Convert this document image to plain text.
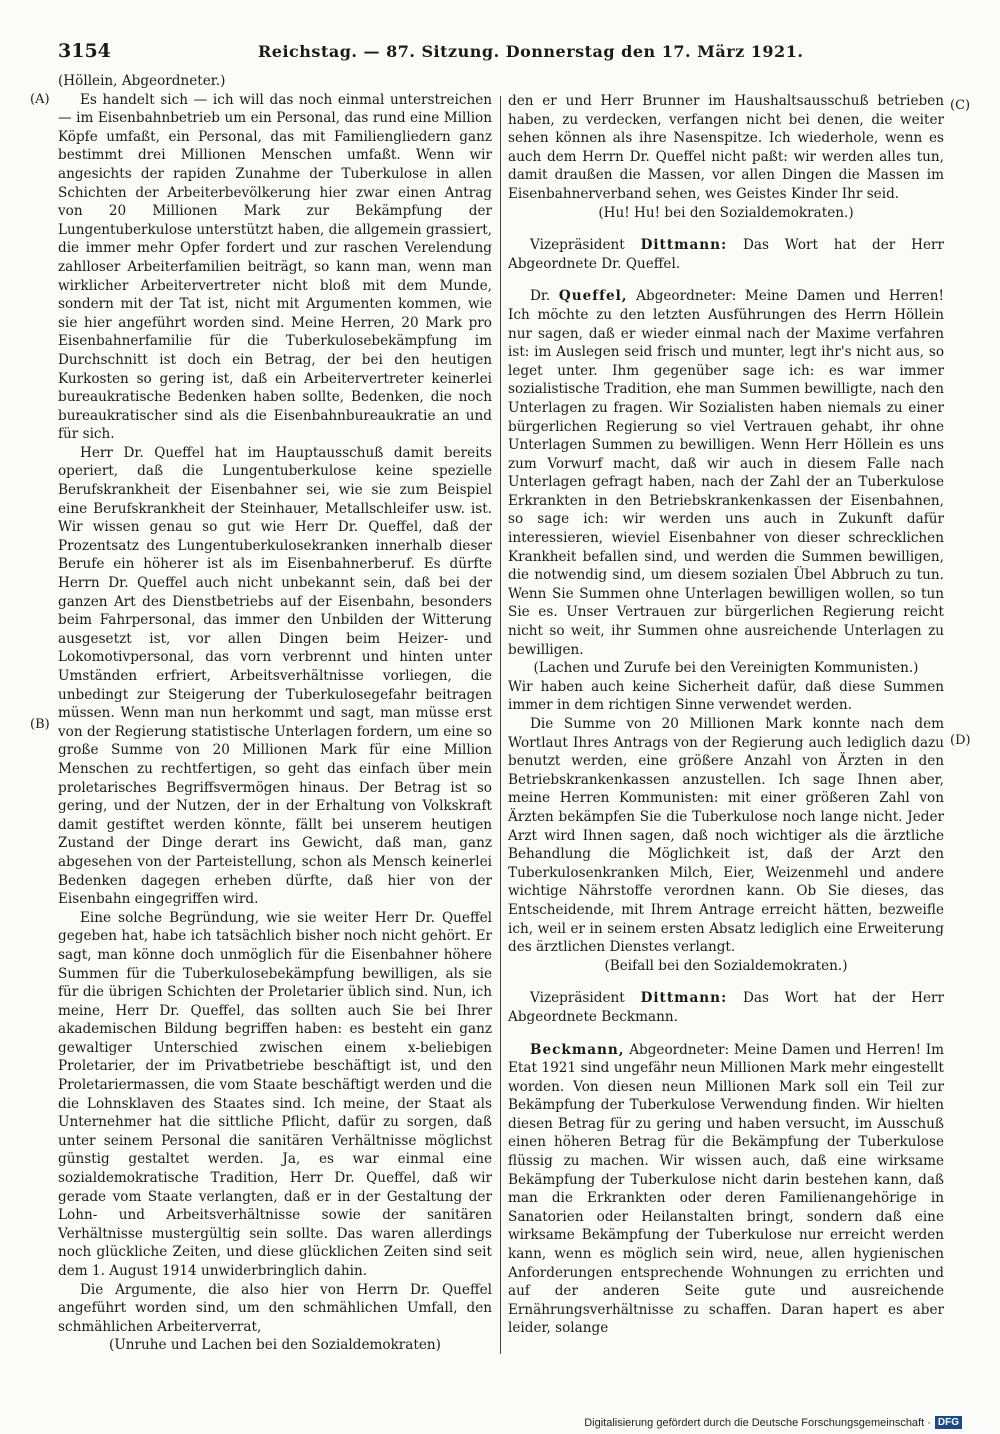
3154	Reichstag. — 87. Sitzung. Donnerstag den 17. März 1921.
(A)
(B)
(C)
(D)

(Höllein, Abgeordneter.)

Es handelt sich — ich will das noch einmal unterstreichen — im Eisenbahnbetrieb um ein Personal, das rund eine Million Köpfe umfaßt, ein Personal, das mit Familiengliedern ganz bestimmt drei Millionen Menschen umfaßt. Wenn wir angesichts der rapiden Zunahme der Tuberkulose in allen Schichten der Arbeiterbevölkerung hier zwar einen Antrag von 20 Millionen Mark zur Bekämpfung der Lungentuberkulose unterstützt haben, die allgemein grassiert, die immer mehr Opfer fordert und zur raschen Verelendung zahlloser Arbeiterfamilien beiträgt, so kann man, wenn man wirklicher Arbeitervertreter nicht bloß mit dem Munde, sondern mit der Tat ist, nicht mit Argumenten kommen, wie sie hier angeführt worden sind. Meine Herren, 20 Mark pro Eisenbahnerfamilie für die Tuberkulosebekämpfung im Durchschnitt ist doch ein Betrag, der bei den heutigen Kurkosten so gering ist, daß ein Arbeitervertreter keinerlei bureaukratische Bedenken haben sollte, Bedenken, die noch bureaukratischer sind als die Eisenbahnbureaukratie an und für sich.

Herr Dr. Queffel hat im Hauptausschuß damit bereits operiert, daß die Lungentuberkulose keine spezielle Berufskrankheit der Eisenbahner sei, wie sie zum Beispiel eine Berufskrankheit der Steinhauer, Metallschleifer usw. ist. Wir wissen genau so gut wie Herr Dr. Queffel, daß der Prozentsatz des Lungentuberkulosekranken innerhalb dieser Berufe ein höherer ist als im Eisenbahnerberuf. Es dürfte Herrn Dr. Queffel auch nicht unbekannt sein, daß bei der ganzen Art des Dienstbetriebs auf der Eisenbahn, besonders beim Fahrpersonal, das immer den Unbilden der Witterung ausgesetzt ist, vor allen Dingen beim Heizer- und Lokomotivpersonal, das vorn verbrennt und hinten unter Umständen erfriert, Arbeitsverhältnisse vorliegen, die unbedingt zur Steigerung der Tuberkulosegefahr beitragen müssen. Wenn man nun herkommt und sagt, man müsse erst von der Regierung statistische Unterlagen fordern, um eine so große Summe von 20 Millionen Mark für eine Million Menschen zu rechtfertigen, so geht das einfach über mein proletarisches Begriffsvermögen hinaus. Der Betrag ist so gering, und der Nutzen, der in der Erhaltung von Volkskraft damit gestiftet werden könnte, fällt bei unserem heutigen Zustand der Dinge derart ins Gewicht, daß man, ganz abgesehen von der Parteistellung, schon als Mensch keinerlei Bedenken dagegen erheben dürfte, daß hier von der Eisenbahn eingegriffen wird.

Eine solche Begründung, wie sie weiter Herr Dr. Queffel gegeben hat, habe ich tatsächlich bisher noch nicht gehört. Er sagt, man könne doch unmöglich für die Eisenbahner höhere Summen für die Tuberkulosebekämpfung bewilligen, als sie für die übrigen Schichten der Proletarier üblich sind. Nun, ich meine, Herr Dr. Queffel, das sollten auch Sie bei Ihrer akademischen Bildung begriffen haben: es besteht ein ganz gewaltiger Unterschied zwischen einem x-beliebigen Proletarier, der im Privatbetriebe beschäftigt ist, und den Proletariermassen, die vom Staate beschäftigt werden und die die Lohnsklaven des Staates sind. Ich meine, der Staat als Unternehmer hat die sittliche Pflicht, dafür zu sorgen, daß unter seinem Personal die sanitären Verhältnisse möglichst günstig gestaltet werden. Ja, es war einmal eine sozialdemokratische Tradition, Herr Dr. Queffel, daß wir gerade vom Staate verlangten, daß er in der Gestaltung der Lohn- und Arbeitsverhältnisse sowie der sanitären Verhältnisse mustergültig sein sollte. Das waren allerdings noch glückliche Zeiten, und diese glücklichen Zeiten sind seit dem 1. August 1914 unwiderbringlich dahin.

Die Argumente, die also hier von Herrn Dr. Queffel angeführt worden sind, um den schmählichen Umfall, den schmählichen Arbeiterverrat,

(Unruhe und Lachen bei den Sozialdemokraten)

den er und Herr Brunner im Haushaltsausschuß betrieben haben, zu verdecken, verfangen nicht bei denen, die weiter sehen können als ihre Nasenspitze. Ich wiederhole, wenn es auch dem Herrn Dr. Queffel nicht paßt: wir werden alles tun, damit draußen die Massen, vor allen Dingen die Massen im Eisenbahnerverband sehen, wes Geistes Kinder Ihr seid.

(Hu! Hu! bei den Sozialdemokraten.)

Vizepräsident Dittmann: Das Wort hat der Herr Abgeordnete Dr. Queffel.

Dr. Queffel, Abgeordneter: Meine Damen und Herren! Ich möchte zu den letzten Ausführungen des Herrn Höllein nur sagen, daß er wieder einmal nach der Maxime verfahren ist: im Auslegen seid frisch und munter, legt ihr's nicht aus, so leget unter. Ihm gegenüber sage ich: es war immer sozialistische Tradition, ehe man Summen bewilligte, nach den Unterlagen zu fragen. Wir Sozialisten haben niemals zu einer bürgerlichen Regierung so viel Vertrauen gehabt, ihr ohne Unterlagen Summen zu bewilligen. Wenn Herr Höllein es uns zum Vorwurf macht, daß wir auch in diesem Falle nach Unterlagen gefragt haben, nach der Zahl der an Tuberkulose Erkrankten in den Betriebskrankenkassen der Eisenbahnen, so sage ich: wir werden uns auch in Zukunft dafür interessieren, wieviel Eisenbahner von dieser schrecklichen Krankheit befallen sind, und werden die Summen bewilligen, die notwendig sind, um diesem sozialen Übel Abbruch zu tun. Wenn Sie Summen ohne Unterlagen bewilligen wollen, so tun Sie es. Unser Vertrauen zur bürgerlichen Regierung reicht nicht so weit, ihr Summen ohne ausreichende Unterlagen zu bewilligen.

(Lachen und Zurufe bei den Vereinigten Kommunisten.)

Wir haben auch keine Sicherheit dafür, daß diese Summen immer in dem richtigen Sinne verwendet werden.

Die Summe von 20 Millionen Mark konnte nach dem Wortlaut Ihres Antrags von der Regierung auch lediglich dazu benutzt werden, eine größere Anzahl von Ärzten in den Betriebskrankenkassen anzustellen. Ich sage Ihnen aber, meine Herren Kommunisten: mit einer größeren Zahl von Ärzten bekämpfen Sie die Tuberkulose noch lange nicht. Jeder Arzt wird Ihnen sagen, daß noch wichtiger als die ärztliche Behandlung die Möglichkeit ist, daß der Arzt den Tuberkulosenkranken Milch, Eier, Weizenmehl und andere wichtige Nährstoffe verordnen kann. Ob Sie dieses, das Entscheidende, mit Ihrem Antrage erreicht hätten, bezweifle ich, weil er in seinem ersten Absatz lediglich eine Erweiterung des ärztlichen Dienstes verlangt.

(Beifall bei den Sozialdemokraten.)

Vizepräsident Dittmann: Das Wort hat der Herr Abgeordnete Beckmann.

Beckmann, Abgeordneter: Meine Damen und Herren! Im Etat 1921 sind ungefähr neun Millionen Mark mehr eingestellt worden. Von diesen neun Millionen Mark soll ein Teil zur Bekämpfung der Tuberkulose Verwendung finden. Wir hielten diesen Betrag für zu gering und haben versucht, im Ausschuß einen höheren Betrag für die Bekämpfung der Tuberkulose flüssig zu machen. Wir wissen auch, daß eine wirksame Bekämpfung der Tuberkulose nicht darin bestehen kann, daß man die Erkrankten oder deren Familienangehörige in Sanatorien oder Heilanstalten bringt, sondern daß eine wirksame Bekämpfung der Tuberkulose nur erreicht werden kann, wenn es möglich sein wird, neue, allen hygienischen Anforderungen entsprechende Wohnungen zu errichten und auf der anderen Seite gute und ausreichende Ernährungsverhältnisse zu schaffen. Daran hapert es aber leider, solange

Digitalisierung gefördert durch die Deutsche Forschungsgemeinschaft · DFG
